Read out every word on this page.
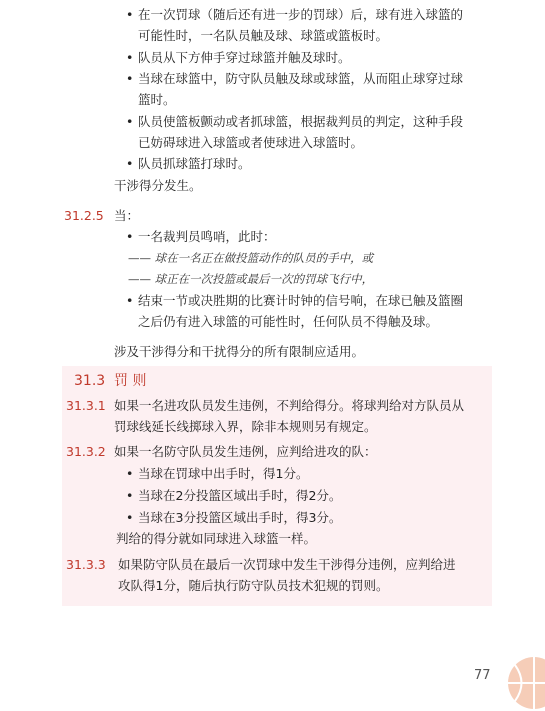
• 在一次罚球（随后还有进一步的罚球）后，球有进入球篮的
可能性时，一名队员触及球、球篮或篮板时。
• 队员从下方伸手穿过球篮并触及球时。
• 当球在球篮中，防守队员触及球或球篮，从而阻止球穿过球
篮时。
• 队员使篮板颤动或者抓球篮，根据裁判员的判定，这种手段
已妨碍球进入球篮或者使球进入球篮时。
• 队员抓球篮打球时。
干涉得分发生。
31.2.5 当：
• 一名裁判员鸣哨，此时：
—— 球在一名正在做投篮动作的队员的手中，或
—— 球正在一次投篮或最后一次的罚球飞行中，
• 结束一节或决胜期的比赛计时钟的信号响，在球已触及篮圈
之后仍有进入球篮的可能性时，任何队员不得触及球。
涉及干涉得分和干扰得分的所有限制应适用。
31.3 罚 则
31.3.1 如果一名进攻队员发生违例，不判给得分。将球判给对方队员从
罚球线延长线掷球入界，除非本规则另有规定。
31.3.2 如果一名防守队员发生违例，应判给进攻的队：
• 当球在罚球中出手时，得1分。
• 当球在2分投篮区域出手时，得2分。
• 当球在3分投篮区域出手时，得3分。
判给的得分就如同球进入球篮一样。
31.3.3 如果防守队员在最后一次罚球中发生干涉得分违例，应判给进
攻队得1分，随后执行防守队员技术犯规的罚则。
77
